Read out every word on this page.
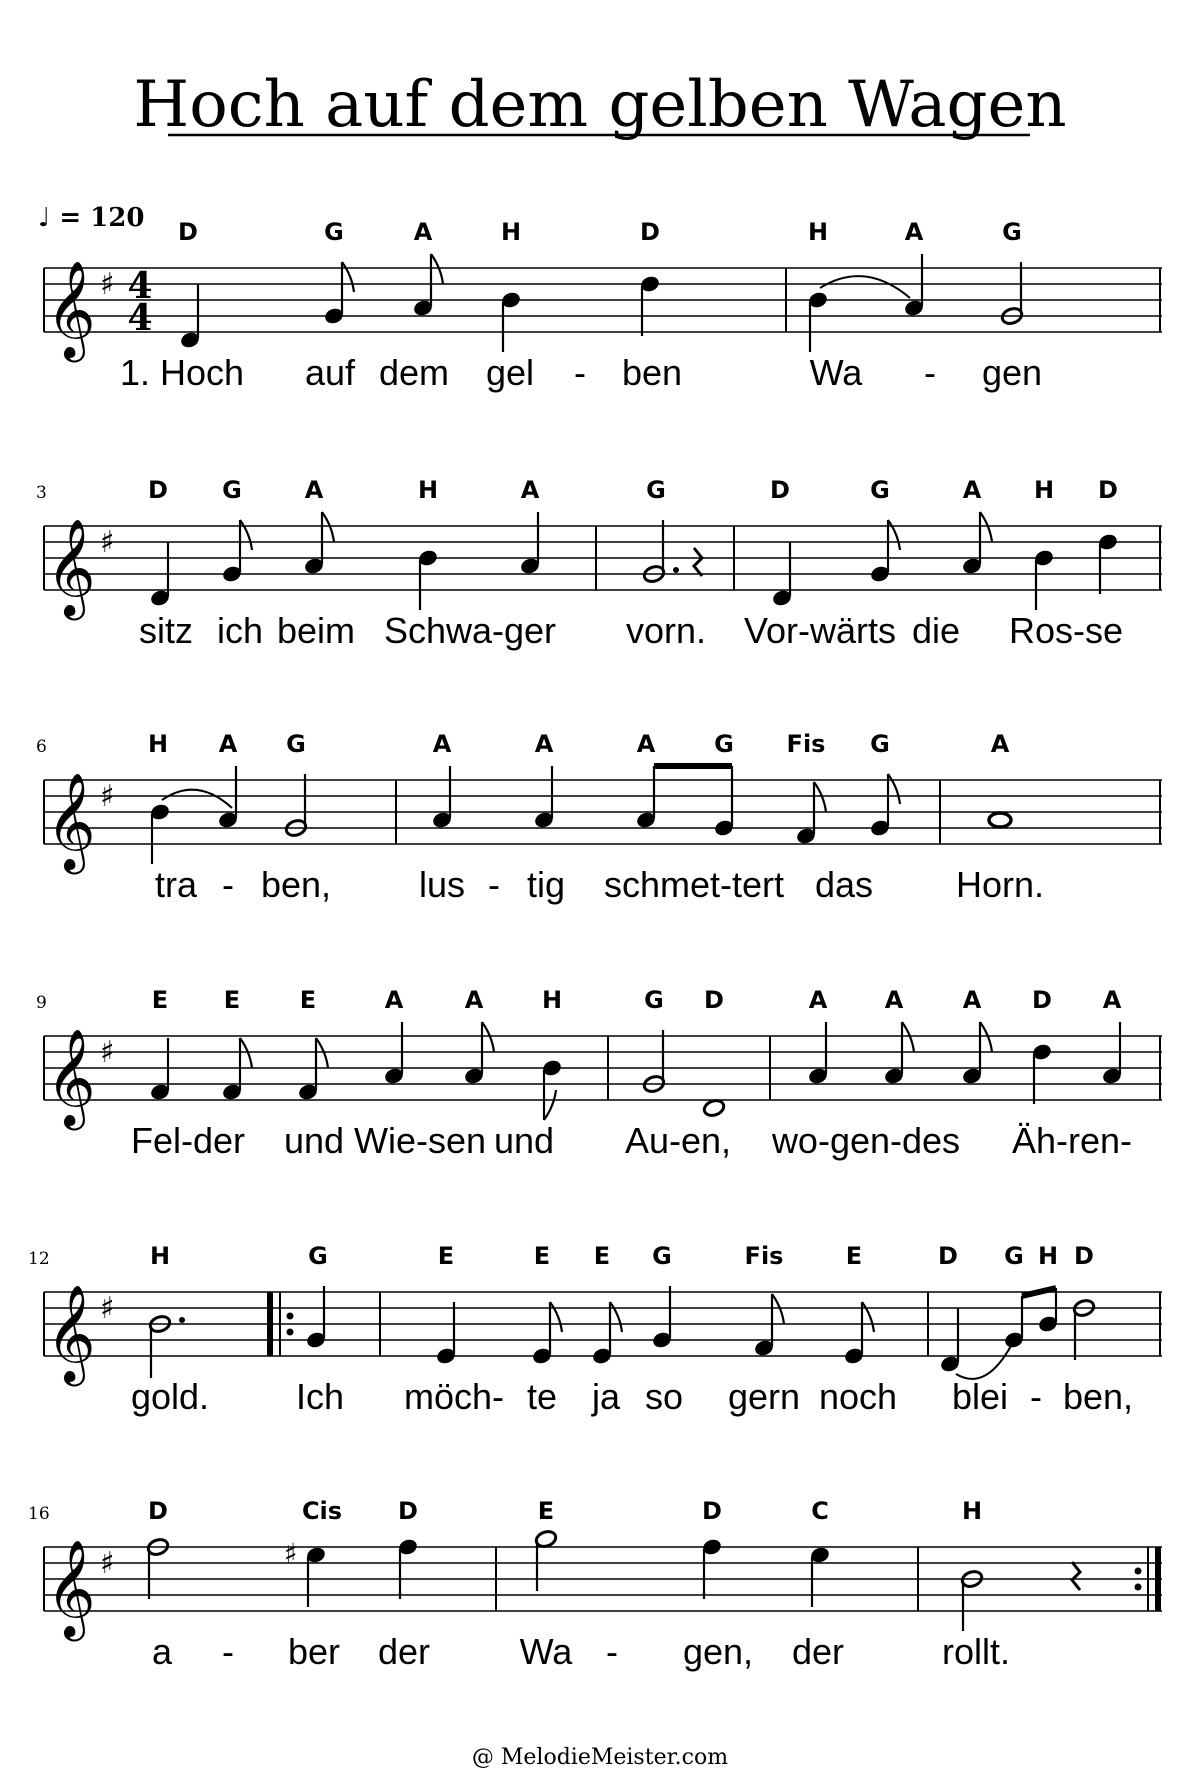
Hoch auf dem gelben Wagen
♩ = 120
𝄞 ♯ 4
4
D	G	A	H	D	H	A	G
1. Hoch auf dem gel - ben	Wa - gen
3
𝄞 ♯
D G	A	H	A	G	D	G	A H D
sitz ich beim Schwa-ger vorn. Vor-wärts die Ros-se
6
𝄞 ♯
H A G	A	A	A G Fis G	A
tra - ben, lus - tig schmet-tert das Horn.
9
𝄞 ♯
E E E	A	A H	G D	A A A D A
Fel-der und Wie-sen und Au-en, wo-gen-des Äh-ren-
12
𝄞 ♯
H	G	E	E E G	Fis	E	D G H D
gold. Ich möch - te ja so gern noch blei - ben,
16
𝄞 ♯
D	Cis D	E	D	C	H
♯
a - ber der Wa - gen, der	rollt.
@ MelodieMeister.com
